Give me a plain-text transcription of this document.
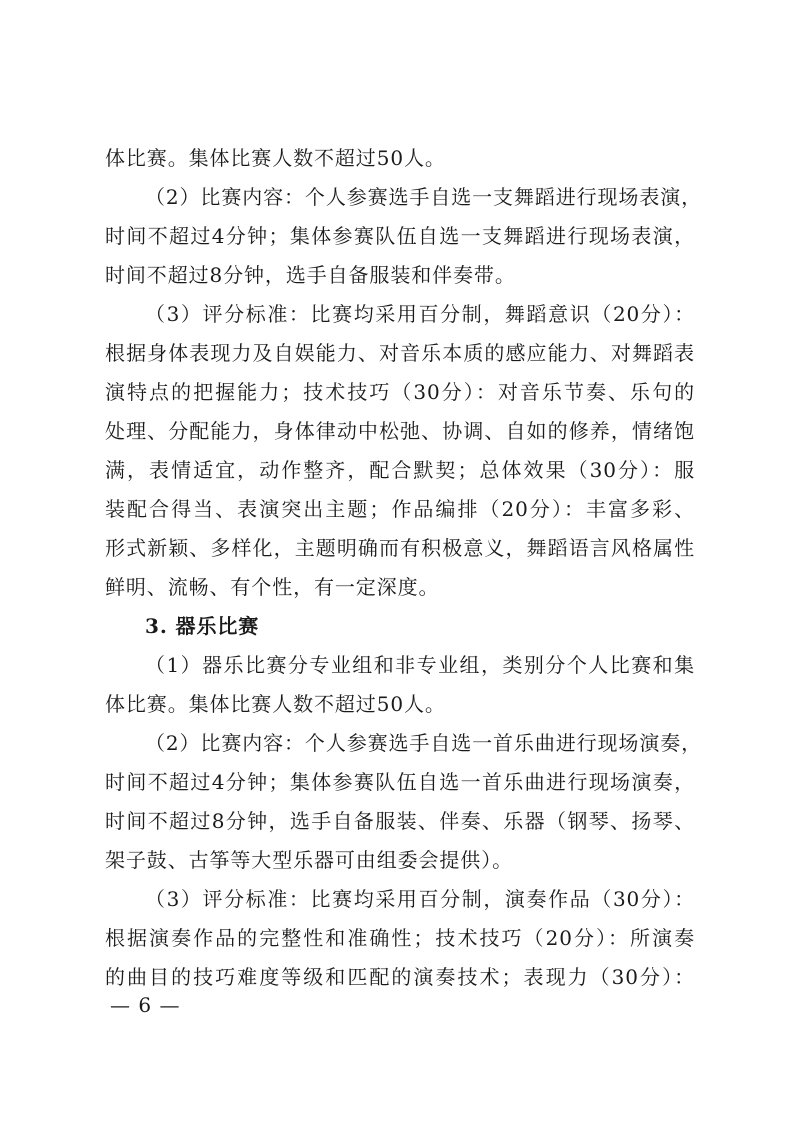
体比赛。集体比赛人数不超过50人。
（2）比赛内容：个人参赛选手自选一支舞蹈进行现场表演，
时间不超过4分钟；集体参赛队伍自选一支舞蹈进行现场表演，
时间不超过8分钟，选手自备服装和伴奏带。
（3）评分标准：比赛均采用百分制，舞蹈意识（20分）：
根据身体表现力及自娱能力、对音乐本质的感应能力、对舞蹈表
演特点的把握能力；技术技巧（30分）：对音乐节奏、乐句的
处理、分配能力，身体律动中松弛、协调、自如的修养，情绪饱
满，表情适宜，动作整齐，配合默契；总体效果（30分）：服
装配合得当、表演突出主题；作品编排（20分）：丰富多彩、
形式新颖、多样化，主题明确而有积极意义，舞蹈语言风格属性
鲜明、流畅、有个性，有一定深度。
3. 器乐比赛
（1）器乐比赛分专业组和非专业组，类别分个人比赛和集
体比赛。集体比赛人数不超过50人。
（2）比赛内容：个人参赛选手自选一首乐曲进行现场演奏，
时间不超过4分钟；集体参赛队伍自选一首乐曲进行现场演奏，
时间不超过8分钟，选手自备服装、伴奏、乐器（钢琴、扬琴、
架子鼓、古筝等大型乐器可由组委会提供）。
（3）评分标准：比赛均采用百分制，演奏作品（30分）：
根据演奏作品的完整性和准确性；技术技巧（20分）：所演奏
的曲目的技巧难度等级和匹配的演奏技术；表现力（30分）：
— 6 —
